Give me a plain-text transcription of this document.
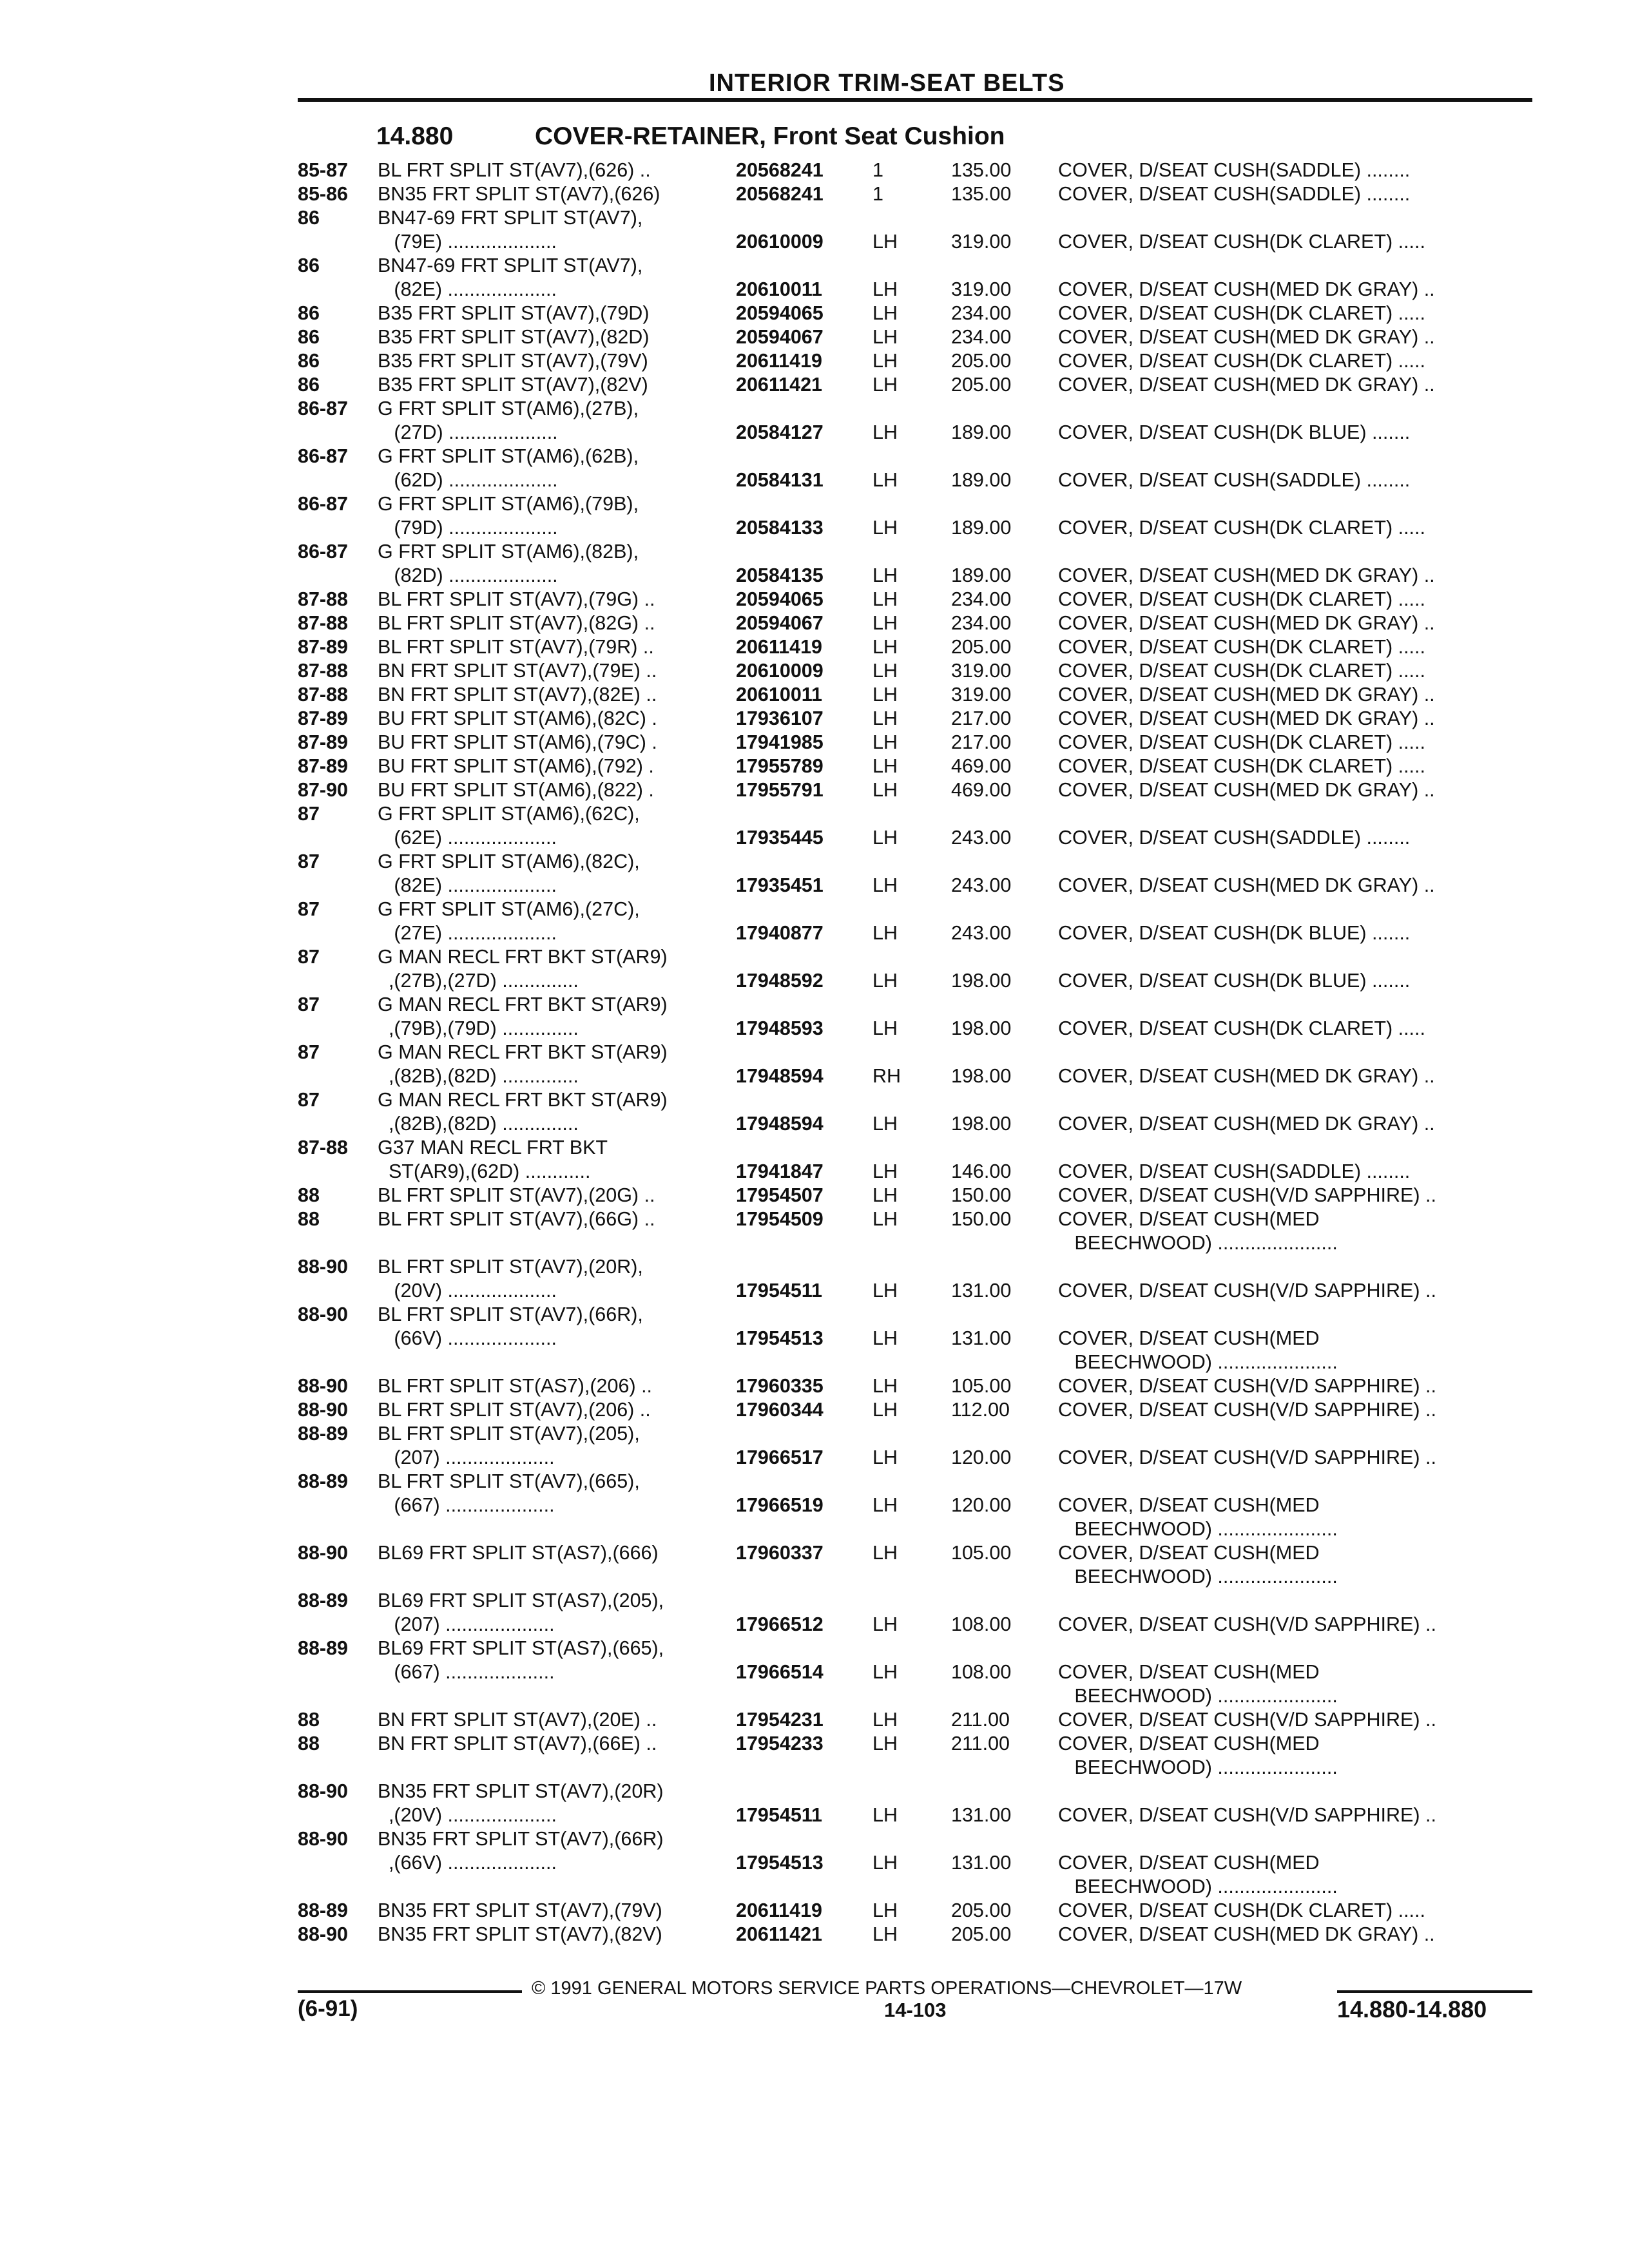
INTERIOR TRIM-SEAT BELTS
14.880	COVER-RETAINER, Front Seat Cushion
85-87 BL FRT SPLIT ST(AV7),(626) ..	20568241	1	135.00 COVER, D/SEAT CUSH(SADDLE) ........
85-86 BN35 FRT SPLIT ST(AV7),(626)	20568241	1	135.00 COVER, D/SEAT CUSH(SADDLE) ........
86	BN47-69 FRT SPLIT ST(AV7),
(79E) ....................	20610009	LH	319.00 COVER, D/SEAT CUSH(DK CLARET) .....
86	BN47-69 FRT SPLIT ST(AV7),
(82E) ....................	20610011	LH	319.00 COVER, D/SEAT CUSH(MED DK GRAY) ..
86	B35 FRT SPLIT ST(AV7),(79D)	20594065	LH	234.00 COVER, D/SEAT CUSH(DK CLARET) .....
86	B35 FRT SPLIT ST(AV7),(82D)	20594067	LH	234.00 COVER, D/SEAT CUSH(MED DK GRAY) ..
86	B35 FRT SPLIT ST(AV7),(79V)	20611419	LH	205.00 COVER, D/SEAT CUSH(DK CLARET) .....
86	B35 FRT SPLIT ST(AV7),(82V)	20611421	LH	205.00 COVER, D/SEAT CUSH(MED DK GRAY) ..
86-87 G FRT SPLIT ST(AM6),(27B),
(27D) ....................	20584127	LH	189.00 COVER, D/SEAT CUSH(DK BLUE) .......
86-87 G FRT SPLIT ST(AM6),(62B),
(62D) ....................	20584131	LH	189.00 COVER, D/SEAT CUSH(SADDLE) ........
86-87 G FRT SPLIT ST(AM6),(79B),
(79D) ....................	20584133	LH	189.00 COVER, D/SEAT CUSH(DK CLARET) .....
86-87 G FRT SPLIT ST(AM6),(82B),
(82D) ....................	20584135	LH	189.00 COVER, D/SEAT CUSH(MED DK GRAY) ..
87-88 BL FRT SPLIT ST(AV7),(79G) ..	20594065	LH	234.00 COVER, D/SEAT CUSH(DK CLARET) .....
87-88 BL FRT SPLIT ST(AV7),(82G) ..	20594067	LH	234.00 COVER, D/SEAT CUSH(MED DK GRAY) ..
87-89 BL FRT SPLIT ST(AV7),(79R) ..	20611419	LH	205.00 COVER, D/SEAT CUSH(DK CLARET) .....
87-88 BN FRT SPLIT ST(AV7),(79E) ..	20610009	LH	319.00 COVER, D/SEAT CUSH(DK CLARET) .....
87-88 BN FRT SPLIT ST(AV7),(82E) ..	20610011	LH	319.00 COVER, D/SEAT CUSH(MED DK GRAY) ..
87-89 BU FRT SPLIT ST(AM6),(82C) .	17936107	LH	217.00 COVER, D/SEAT CUSH(MED DK GRAY) ..
87-89 BU FRT SPLIT ST(AM6),(79C) .	17941985	LH	217.00 COVER, D/SEAT CUSH(DK CLARET) .....
87-89 BU FRT SPLIT ST(AM6),(792) .	17955789	LH	469.00 COVER, D/SEAT CUSH(DK CLARET) .....
87-90 BU FRT SPLIT ST(AM6),(822) .	17955791	LH	469.00 COVER, D/SEAT CUSH(MED DK GRAY) ..
87	G FRT SPLIT ST(AM6),(62C),
(62E) ....................	17935445	LH	243.00 COVER, D/SEAT CUSH(SADDLE) ........
87	G FRT SPLIT ST(AM6),(82C),
(82E) ....................	17935451	LH	243.00 COVER, D/SEAT CUSH(MED DK GRAY) ..
87	G FRT SPLIT ST(AM6),(27C),
(27E) ....................	17940877	LH	243.00 COVER, D/SEAT CUSH(DK BLUE) .......
87	G MAN RECL FRT BKT ST(AR9)
,(27B),(27D) ..............	17948592	LH	198.00 COVER, D/SEAT CUSH(DK BLUE) .......
87	G MAN RECL FRT BKT ST(AR9)
,(79B),(79D) ..............	17948593	LH	198.00 COVER, D/SEAT CUSH(DK CLARET) .....
87	G MAN RECL FRT BKT ST(AR9)
,(82B),(82D) ..............	17948594	RH	198.00 COVER, D/SEAT CUSH(MED DK GRAY) ..
87	G MAN RECL FRT BKT ST(AR9)
,(82B),(82D) ..............	17948594	LH	198.00 COVER, D/SEAT CUSH(MED DK GRAY) ..
87-88 G37 MAN RECL FRT BKT
ST(AR9),(62D) ............	17941847	LH	146.00 COVER, D/SEAT CUSH(SADDLE) ........
88	BL FRT SPLIT ST(AV7),(20G) ..	17954507	LH	150.00 COVER, D/SEAT CUSH(V/D SAPPHIRE) ..
88	BL FRT SPLIT ST(AV7),(66G) ..	17954509	LH	150.00 COVER, D/SEAT CUSH(MED
BEECHWOOD) ......................
88-90 BL FRT SPLIT ST(AV7),(20R),
(20V) ....................	17954511	LH	131.00 COVER, D/SEAT CUSH(V/D SAPPHIRE) ..
88-90 BL FRT SPLIT ST(AV7),(66R),
(66V) ....................	17954513	LH	131.00 COVER, D/SEAT CUSH(MED
BEECHWOOD) ......................
88-90 BL FRT SPLIT ST(AS7),(206) ..	17960335	LH	105.00 COVER, D/SEAT CUSH(V/D SAPPHIRE) ..
88-90 BL FRT SPLIT ST(AV7),(206) ..	17960344	LH	112.00 COVER, D/SEAT CUSH(V/D SAPPHIRE) ..
88-89 BL FRT SPLIT ST(AV7),(205),
(207) ....................	17966517	LH	120.00 COVER, D/SEAT CUSH(V/D SAPPHIRE) ..
88-89 BL FRT SPLIT ST(AV7),(665),
(667) ....................	17966519	LH	120.00 COVER, D/SEAT CUSH(MED
BEECHWOOD) ......................
88-90 BL69 FRT SPLIT ST(AS7),(666)	17960337	LH	105.00 COVER, D/SEAT CUSH(MED
BEECHWOOD) ......................
88-89 BL69 FRT SPLIT ST(AS7),(205),
(207) ....................	17966512	LH	108.00 COVER, D/SEAT CUSH(V/D SAPPHIRE) ..
88-89 BL69 FRT SPLIT ST(AS7),(665),
(667) ....................	17966514	LH	108.00 COVER, D/SEAT CUSH(MED
BEECHWOOD) ......................
88	BN FRT SPLIT ST(AV7),(20E) ..	17954231	LH	211.00 COVER, D/SEAT CUSH(V/D SAPPHIRE) ..
88	BN FRT SPLIT ST(AV7),(66E) ..	17954233	LH	211.00 COVER, D/SEAT CUSH(MED
BEECHWOOD) ......................
88-90 BN35 FRT SPLIT ST(AV7),(20R)
,(20V) ....................	17954511	LH	131.00 COVER, D/SEAT CUSH(V/D SAPPHIRE) ..
88-90 BN35 FRT SPLIT ST(AV7),(66R)
,(66V) ....................	17954513	LH	131.00 COVER, D/SEAT CUSH(MED
BEECHWOOD) ......................
88-89 BN35 FRT SPLIT ST(AV7),(79V)	20611419	LH	205.00 COVER, D/SEAT CUSH(DK CLARET) .....
88-90 BN35 FRT SPLIT ST(AV7),(82V)	20611421	LH	205.00 COVER, D/SEAT CUSH(MED DK GRAY) ..
© 1991 GENERAL MOTORS SERVICE PARTS OPERATIONS—CHEVROLET—17W
(6-91)	14-103	14.880-14.880
